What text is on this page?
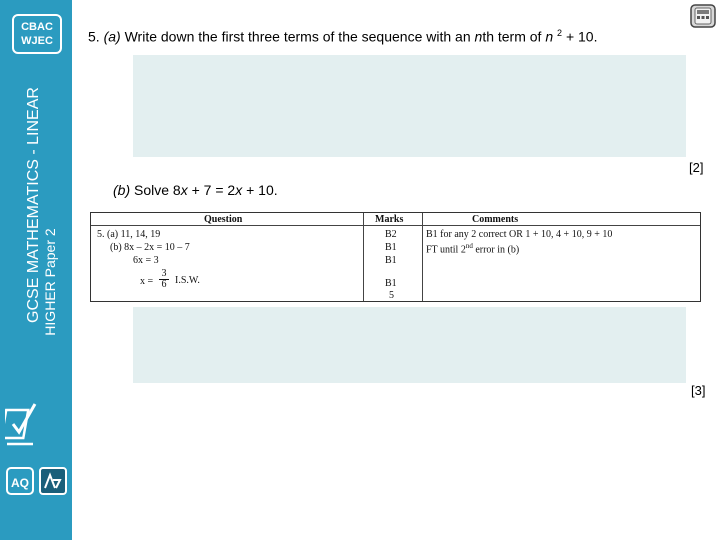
CBAC
WJEC
GCSE MATHEMATICS - LINEAR HIGHER Paper 2
AQ
5. (a) Write down the first three terms of the sequence with an nth term of n $^2$ + 10.
[2]
(b) Solve 8x + 7 = 2x + 10.
Question	Marks	Comments
5. (a) 11, 14, 19
(b) 8x – 2x = 10 – 7
6x = 3
$x = \frac{3}{6} I.S.W$.
B2
B1
B1
B1
5
B1 for any 2 correct OR 1 + 10, 4 + 10, 9 + 10
FT until 2nd error in (b)
[3]
